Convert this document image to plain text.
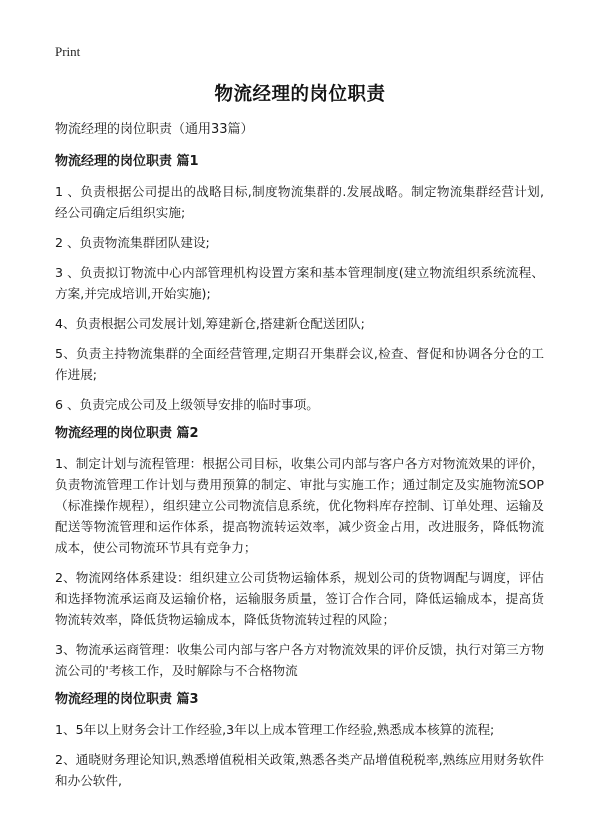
Print
物流经理的岗位职责
物流经理的岗位职责（通用33篇）
物流经理的岗位职责 篇1

1 、负责根据公司提出的战略目标,制度物流集群的.发展战略。制定物流集群经营计划,经公司确定后组织实施;

2 、负责物流集群团队建设;

3 、负责拟订物流中心内部管理机构设置方案和基本管理制度(建立物流组织系统流程、方案,并完成培训,开始实施);

4、负责根据公司发展计划,筹建新仓,搭建新仓配送团队;

5、负责主持物流集群的全面经营管理,定期召开集群会议,检查、督促和协调各分仓的工作进展;

6 、负责完成公司及上级领导安排的临时事项。

物流经理的岗位职责 篇2

1、制定计划与流程管理：根据公司目标，收集公司内部与客户各方对物流效果的评价，负责物流管理工作计划与费用预算的制定、审批与实施工作；通过制定及实施物流SOP（标准操作规程），组织建立公司物流信息系统，优化物料库存控制、订单处理、运输及配送等物流管理和运作体系，提高物流转运效率，减少资金占用，改进服务，降低物流成本，使公司物流环节具有竞争力；

2、物流网络体系建设：组织建立公司货物运输体系，规划公司的货物调配与调度，评估和选择物流承运商及运输价格，运输服务质量，签订合作合同，降低运输成本，提高货物流转效率，降低货物运输成本，降低货物流转过程的风险；

3、物流承运商管理：收集公司内部与客户各方对物流效果的评价反馈，执行对第三方物流公司的'考核工作，及时解除与不合格物流

物流经理的岗位职责 篇3

1、5年以上财务会计工作经验,3年以上成本管理工作经验,熟悉成本核算的流程;

2、通晓财务理论知识,熟悉增值税相关政策,熟悉各类产品增值税税率,熟练应用财务软件和办公软件,
